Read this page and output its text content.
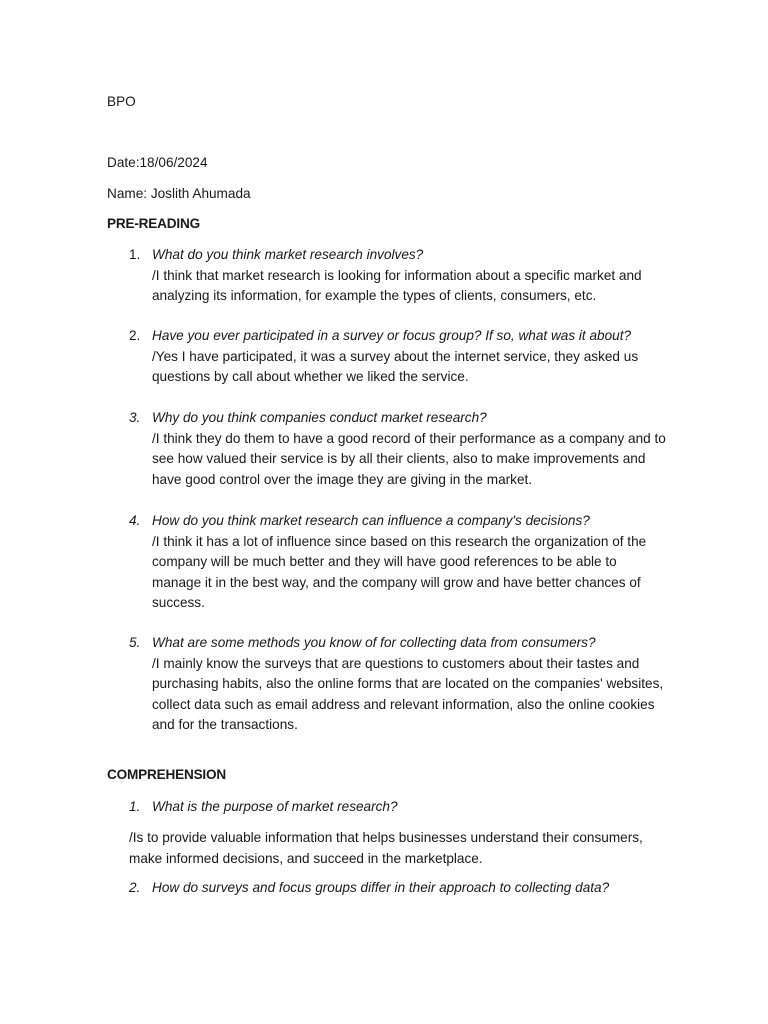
BPO
Date:18/06/2024
Name: Joslith Ahumada
PRE-READING
1. What do you think market research involves?
/I think that market research is looking for information about a specific market and analyzing its information, for example the types of clients, consumers, etc.
2. Have you ever participated in a survey or focus group? If so, what was it about?
/Yes I have participated, it was a survey about the internet service, they asked us questions by call about whether we liked the service.
3. Why do you think companies conduct market research?
/I think they do them to have a good record of their performance as a company and to see how valued their service is by all their clients, also to make improvements and have good control over the image they are giving in the market.
4. How do you think market research can influence a company's decisions?
/I think it has a lot of influence since based on this research the organization of the company will be much better and they will have good references to be able to manage it in the best way, and the company will grow and have better chances of success.
5. What are some methods you know of for collecting data from consumers?
/I mainly know the surveys that are questions to customers about their tastes and purchasing habits, also the online forms that are located on the companies' websites, collect data such as email address and relevant information, also the online cookies and for the transactions.
COMPREHENSION
1. What is the purpose of market research?
/Is to provide valuable information that helps businesses understand their consumers, make informed decisions, and succeed in the marketplace.
2. How do surveys and focus groups differ in their approach to collecting data?
